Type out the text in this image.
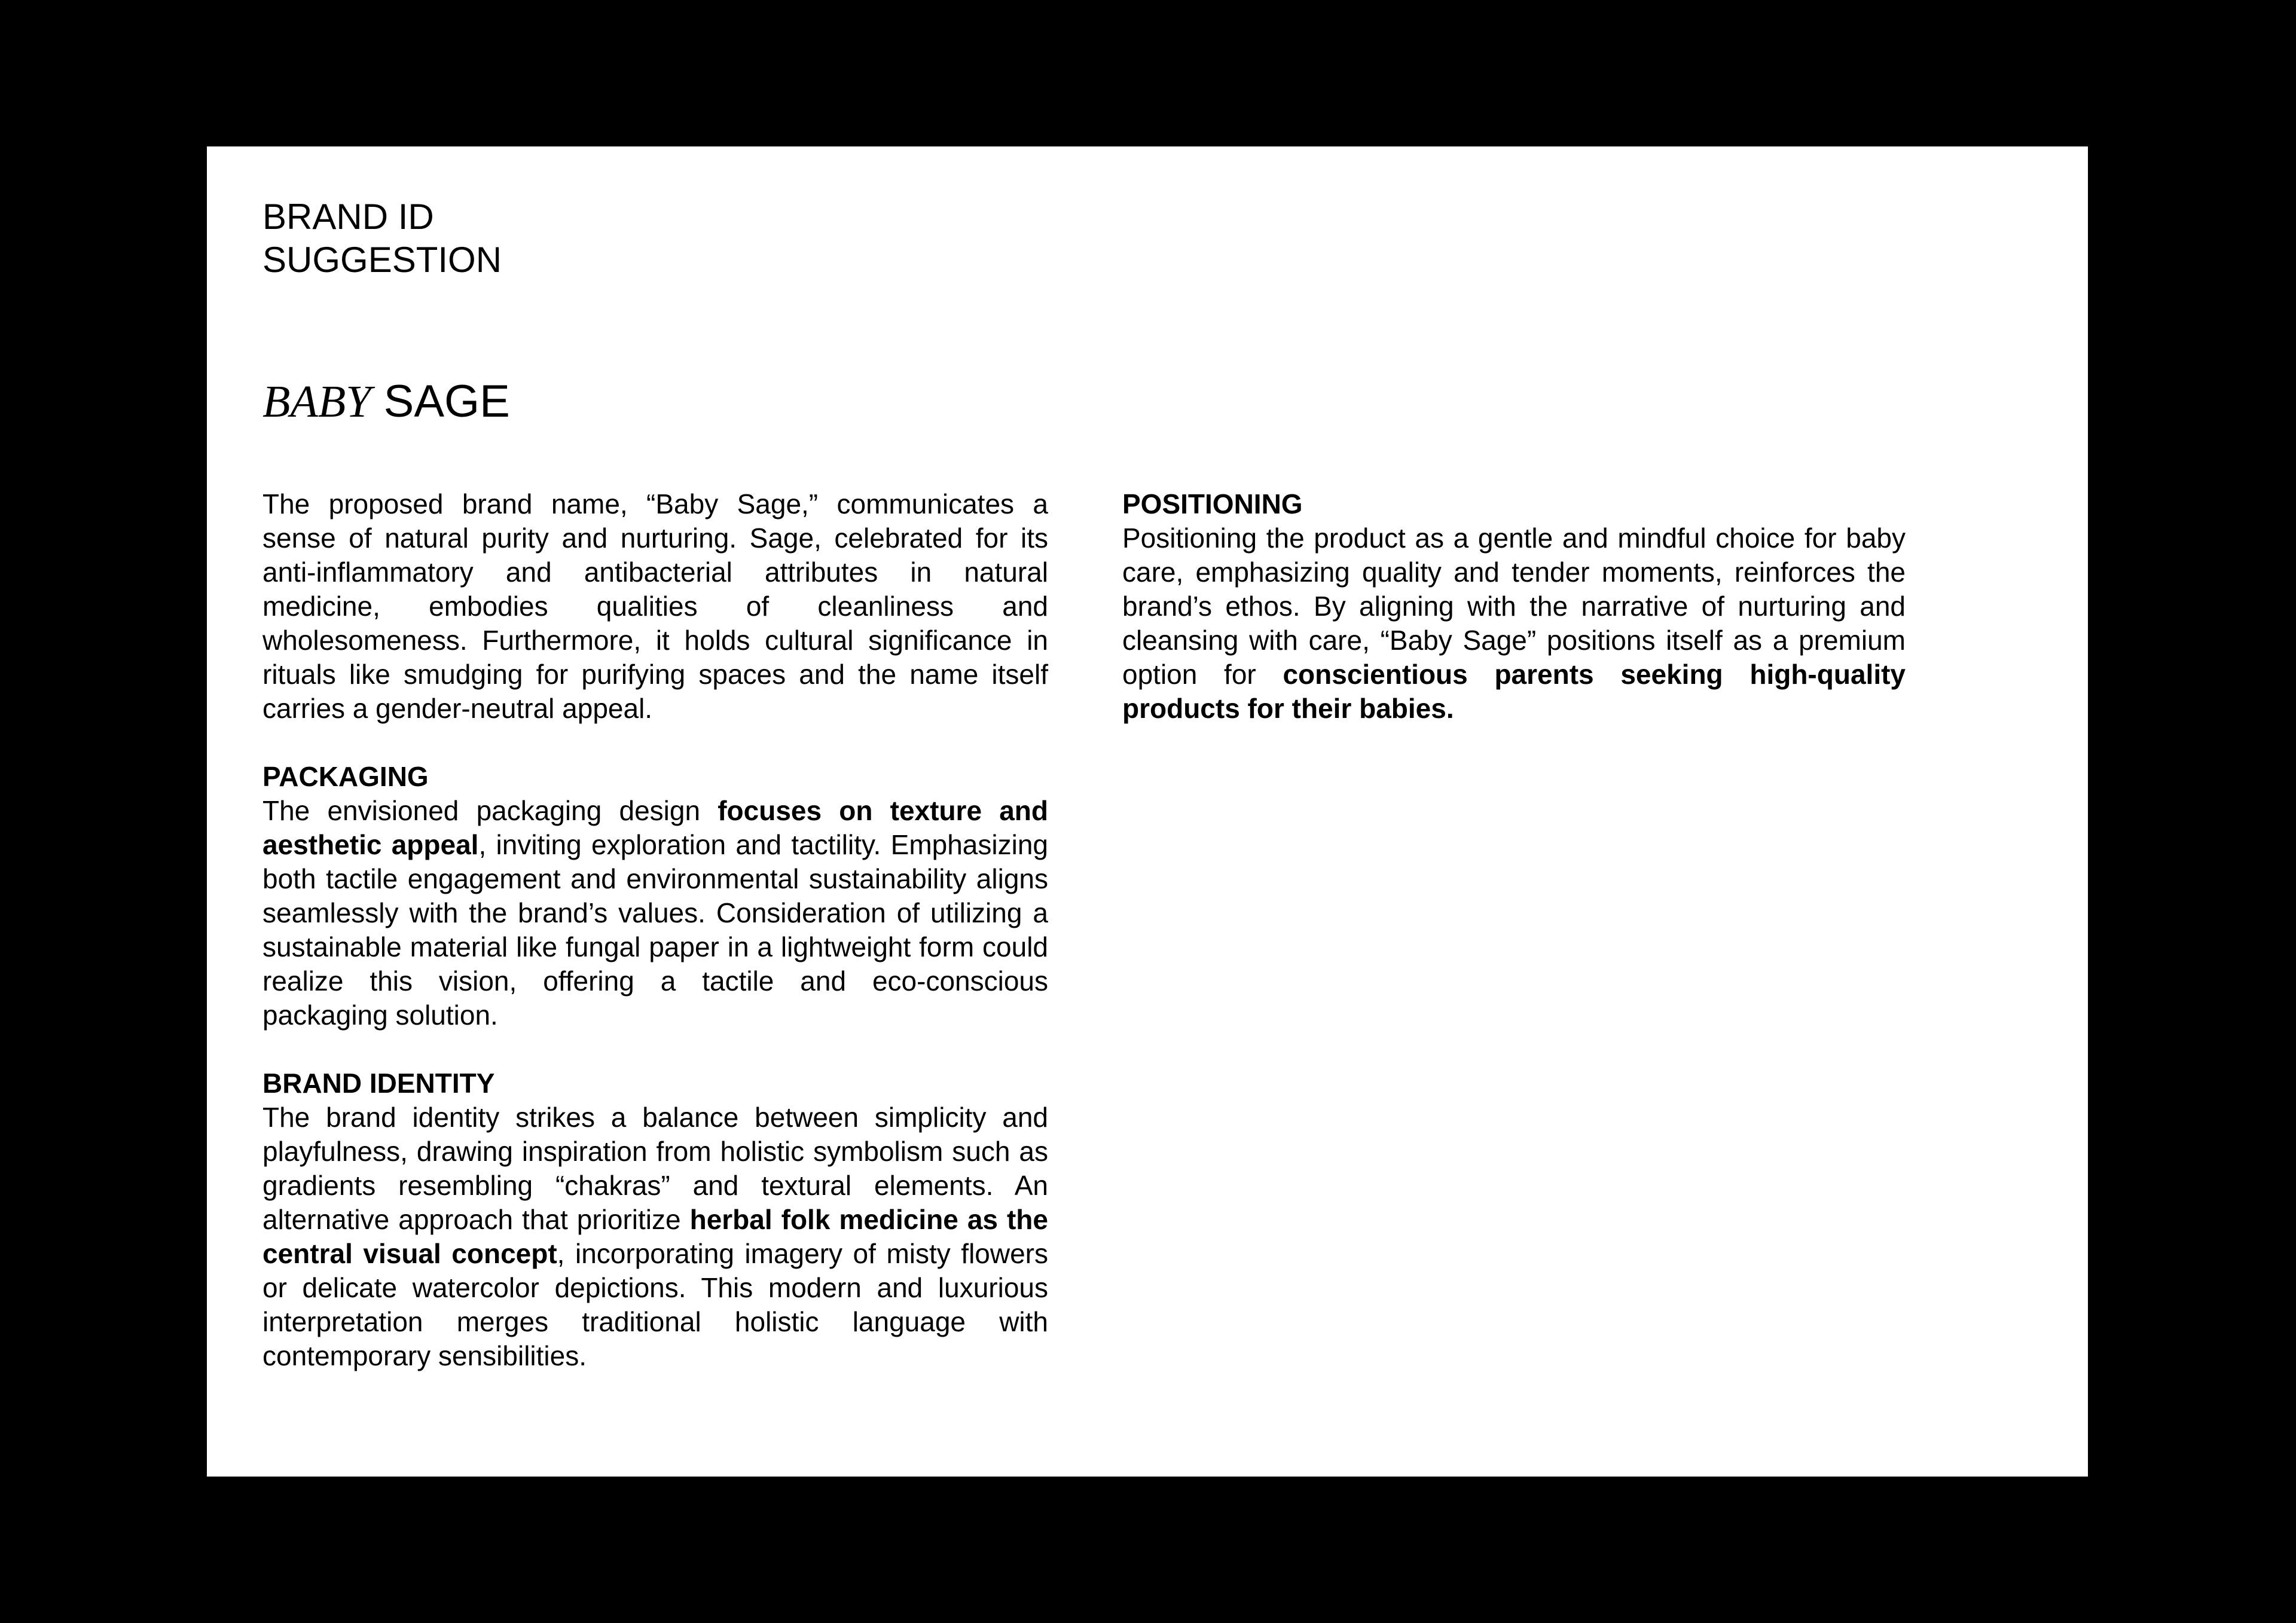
BRAND ID
SUGGESTION
BABY SAGE

The proposed brand name, “Baby Sage,” communicates a sense of natural purity and nurturing. Sage, celebrated for its anti-inflammatory and antibacterial attributes in natural medicine, embodies qualities of cleanliness and wholesomeness. Furthermore, it holds cultural significance in rituals like smudging for purifying spaces and the name itself carries a gender-neutral appeal.

PACKAGING

The envisioned packaging design focuses on texture and aesthetic appeal, inviting exploration and tactility. Emphasizing both tactile engagement and environmental sustainability aligns seamlessly with the brand’s values. Consideration of utilizing a sustainable material like fungal paper in a lightweight form could realize this vision, offering a tactile and eco-conscious packaging solution.

BRAND IDENTITY

The brand identity strikes a balance between simplicity and playfulness, drawing inspiration from holistic symbolism such as gradients resembling “chakras” and textural elements. An alternative approach that prioritize herbal folk medicine as the central visual concept, incorporating imagery of misty flowers or delicate watercolor depictions. This modern and luxurious interpretation merges traditional holistic language with contemporary sensibilities.

POSITIONING

Positioning the product as a gentle and mindful choice for baby care, emphasizing quality and tender moments, reinforces the brand’s ethos. By aligning with the narrative of nurturing and cleansing with care, “Baby Sage” positions itself as a premium option for conscientious parents seeking high-quality products for their babies.
